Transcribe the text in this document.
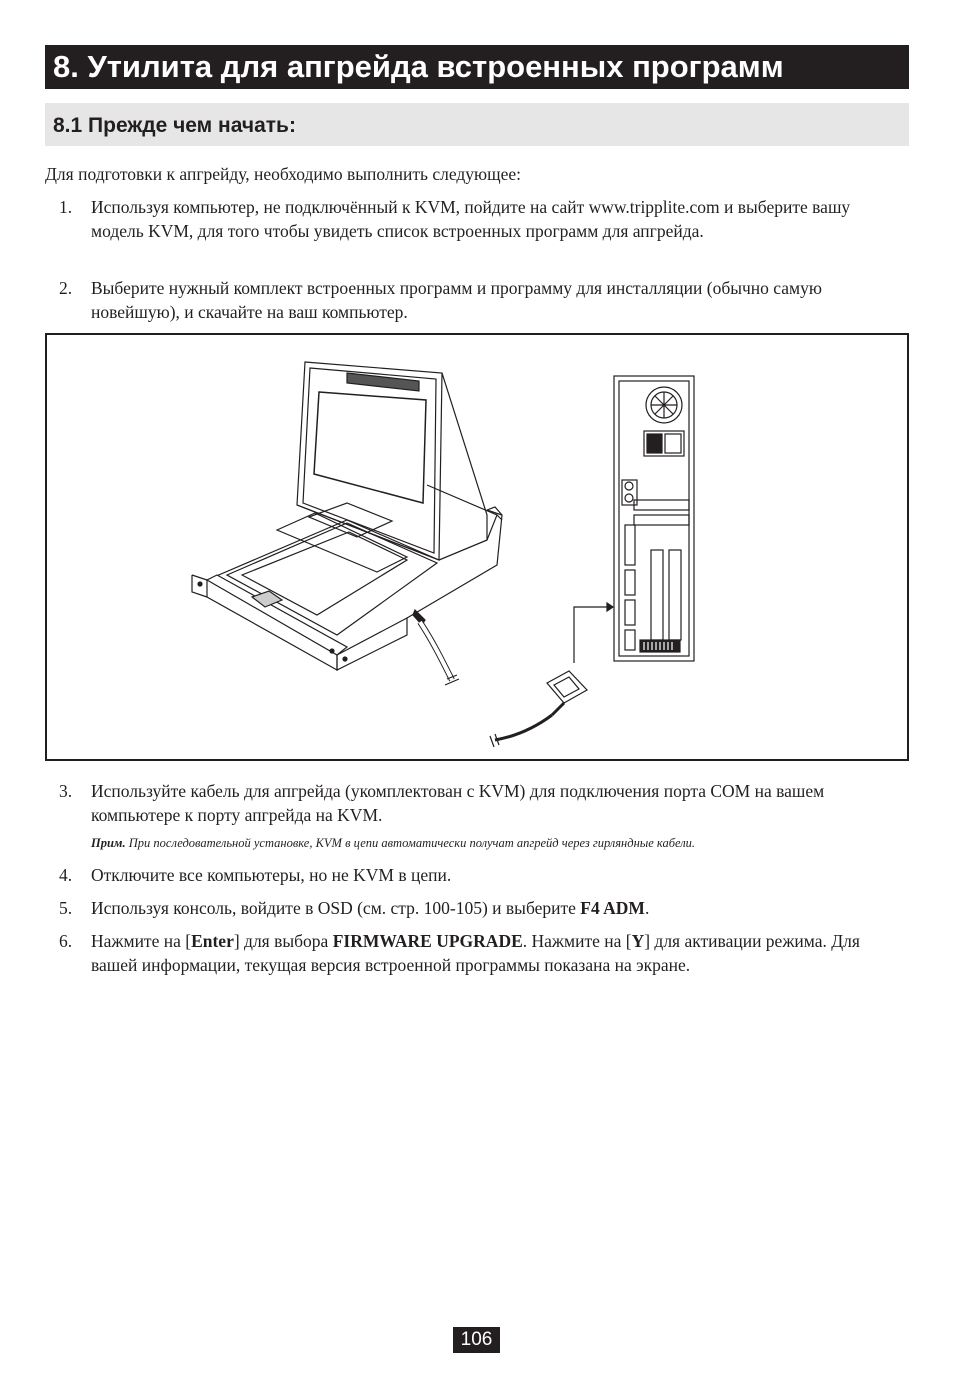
8. Утилита для апгрейда встроенных программ
8.1 Прежде чем начать:
Для подготовки к апгрейду, необходимо выполнить следующее:
1. Используя компьютер, не подключённый к KVM, пойдите на сайт www.tripplite.com и выберите вашу модель KVM, для того чтобы увидеть список встроенных программ для апгрейда.
2. Выберите нужный комплект встроенных программ и программу для инсталляции (обычно самую новейшую), и скачайте на ваш компьютер.
3. Используйте кабель для апгрейда (укомплектован с KVM) для подключения порта COM на вашем компьютере к порту апгрейда на KVM.
Прим. При последовательной установке, KVM в цепи автоматически получат апгрейд через гирляндные кабели.
4. Отключите все компьютеры, но не KVM в цепи.
5. Используя консоль, войдите в OSD (см. стр. 100-105) и выберите F4 ADM.
6. Нажмите на [Enter] для выбора FIRMWARE UPGRADE. Нажмите на [Y] для активации режима. Для вашей информации, текущая версия встроенной программы показана на экране.
106
